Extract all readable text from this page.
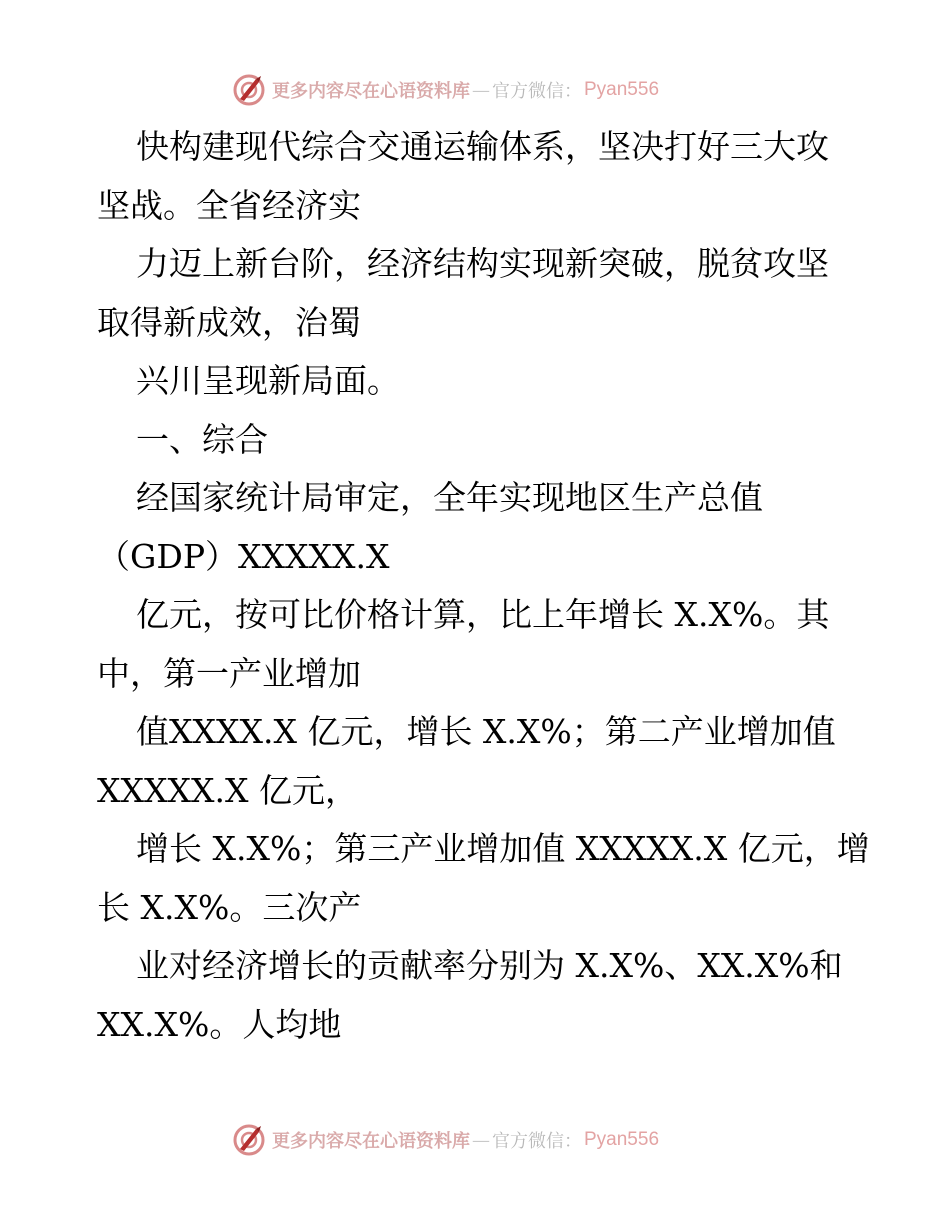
更多内容尽在心语资料库 — 官方微信： Pyan556
快构建现代综合交通运输体系，坚决打好三大攻
坚战。全省经济实
力迈上新台阶，经济结构实现新突破，脱贫攻坚
取得新成效，治蜀
兴川呈现新局面。
一、综合
经国家统计局审定，全年实现地区生产总值
（GDP）XXXXX.X
亿元，按可比价格计算，比上年增长 X.X%。其
中，第一产业增加
值XXXX.X 亿元，增长 X.X%；第二产业增加值
XXXXX.X 亿元，
增长 X.X%；第三产业增加值 XXXXX.X 亿元，增
长 X.X%。三次产
业对经济增长的贡献率分别为 X.X%、XX.X%和
XX.X%。人均地
更多内容尽在心语资料库 — 官方微信： Pyan556
